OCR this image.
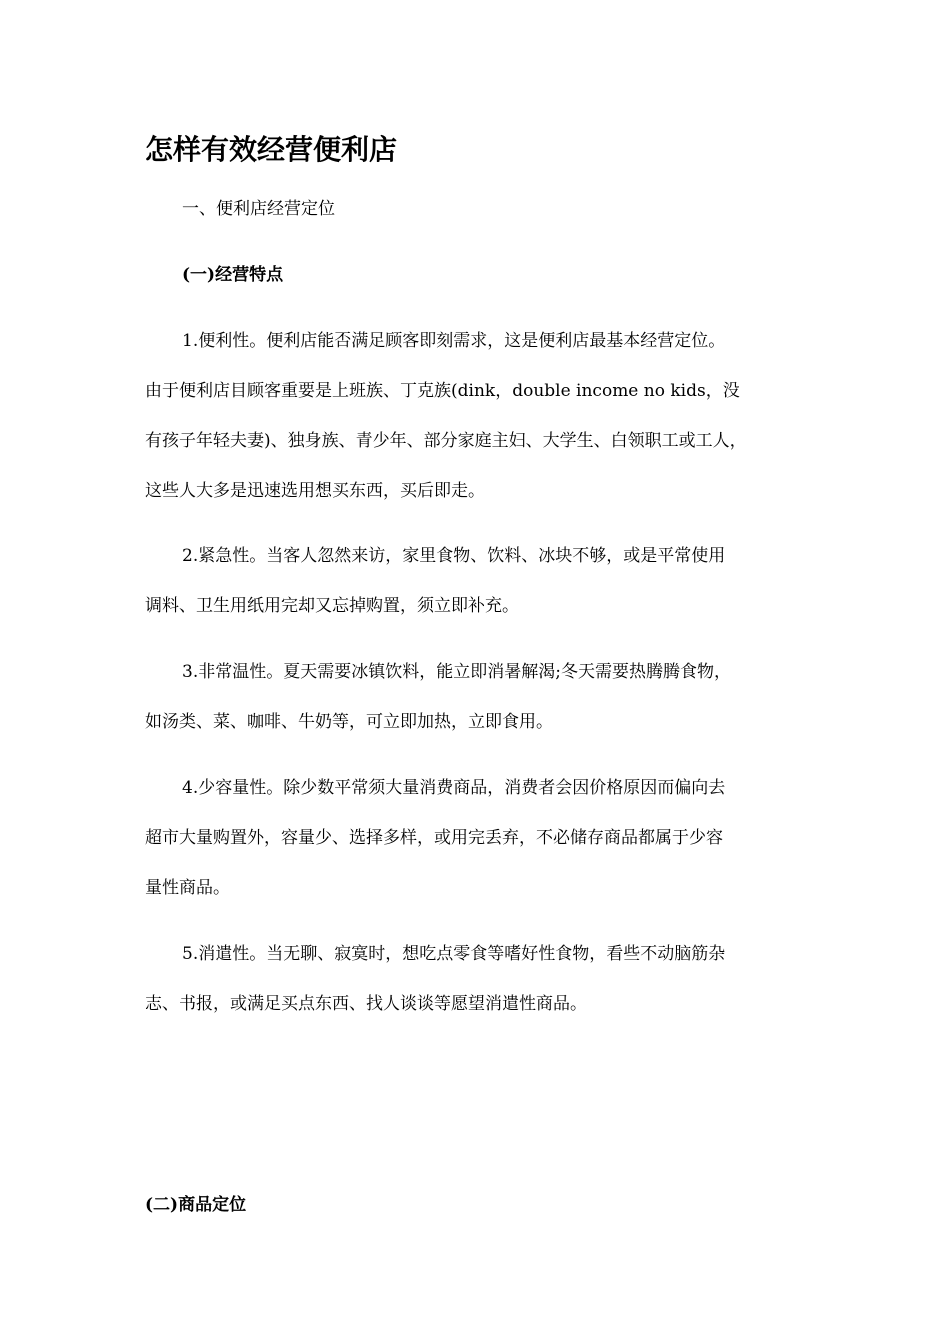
怎样有效经营便利店

一、便利店经营定位

(一)经营特点

1.便利性。便利店能否满足顾客即刻需求，这是便利店最基本经营定位。

由于便利店目顾客重要是上班族、丁克族(dink，double income no kids，没

有孩子年轻夫妻)、独身族、青少年、部分家庭主妇、大学生、白领职工或工人，

这些人大多是迅速选用想买东西，买后即走。

2.紧急性。当客人忽然来访，家里食物、饮料、冰块不够，或是平常使用

调料、卫生用纸用完却又忘掉购置，须立即补充。

3.非常温性。夏天需要冰镇饮料，能立即消暑解渴;冬天需要热腾腾食物，

如汤类、菜、咖啡、牛奶等，可立即加热，立即食用。

4.少容量性。除少数平常须大量消费商品，消费者会因价格原因而偏向去

超市大量购置外，容量少、选择多样，或用完丢弃，不必储存商品都属于少容

量性商品。

5.消遣性。当无聊、寂寞时，想吃点零食等嗜好性食物，看些不动脑筋杂

志、书报，或满足买点东西、找人谈谈等愿望消遣性商品。

(二)商品定位
